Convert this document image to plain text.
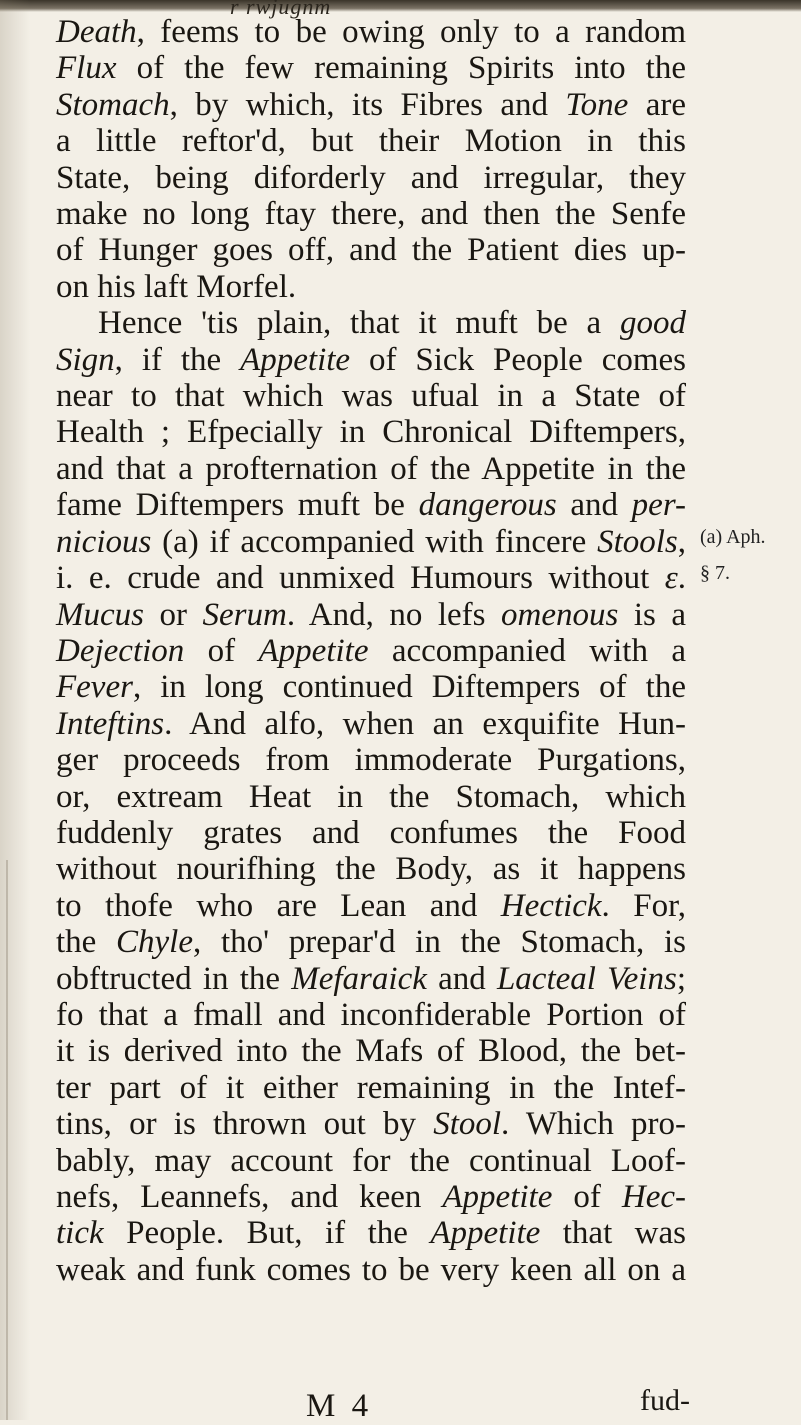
r rwjugnm
Death, feems to be owing only to a random
Flux of the few remaining Spirits into the
Stomach, by which, its Fibres and Tone are
a little reftor'd, but their Motion in this
State, being diforderly and irregular, they
make no long ftay there, and then the Senfe
of Hunger goes off, and the Patient dies up-
on his laft Morfel.
Hence 'tis plain, that it muft be a good
Sign, if the Appetite of Sick People comes
near to that which was ufual in a State of
Health ; Efpecially in Chronical Diftempers,
and that a profternation of the Appetite in the
fame Diftempers muft be dangerous and per-
nicious (a) if accompanied with fincere Stools,
i. e. crude and unmixed Humours without ε.
Mucus or Serum. And, no lefs omenous is a
Dejection of Appetite accompanied with a
Fever, in long continued Diftempers of the
Inteftins. And alfo, when an exquifite Hun-
ger proceeds from immoderate Purgations,
or, extream Heat in the Stomach, which
fuddenly grates and confumes the Food
without nourifhing the Body, as it happens
to thofe who are Lean and Hectick. For,
the Chyle, tho' prepar'd in the Stomach, is
obftructed in the Mefaraick and Lacteal Veins;
fo that a fmall and inconfiderable Portion of
it is derived into the Mafs of Blood, the bet-
ter part of it either remaining in the Intef-
tins, or is thrown out by Stool. Which pro-
bably, may account for the continual Loof-
nefs, Leannefs, and keen Appetite of Hec-
tick People. But, if the Appetite that was
weak and funk comes to be very keen all on a
(a) Aph.
§ 7.
M 4	fud-
